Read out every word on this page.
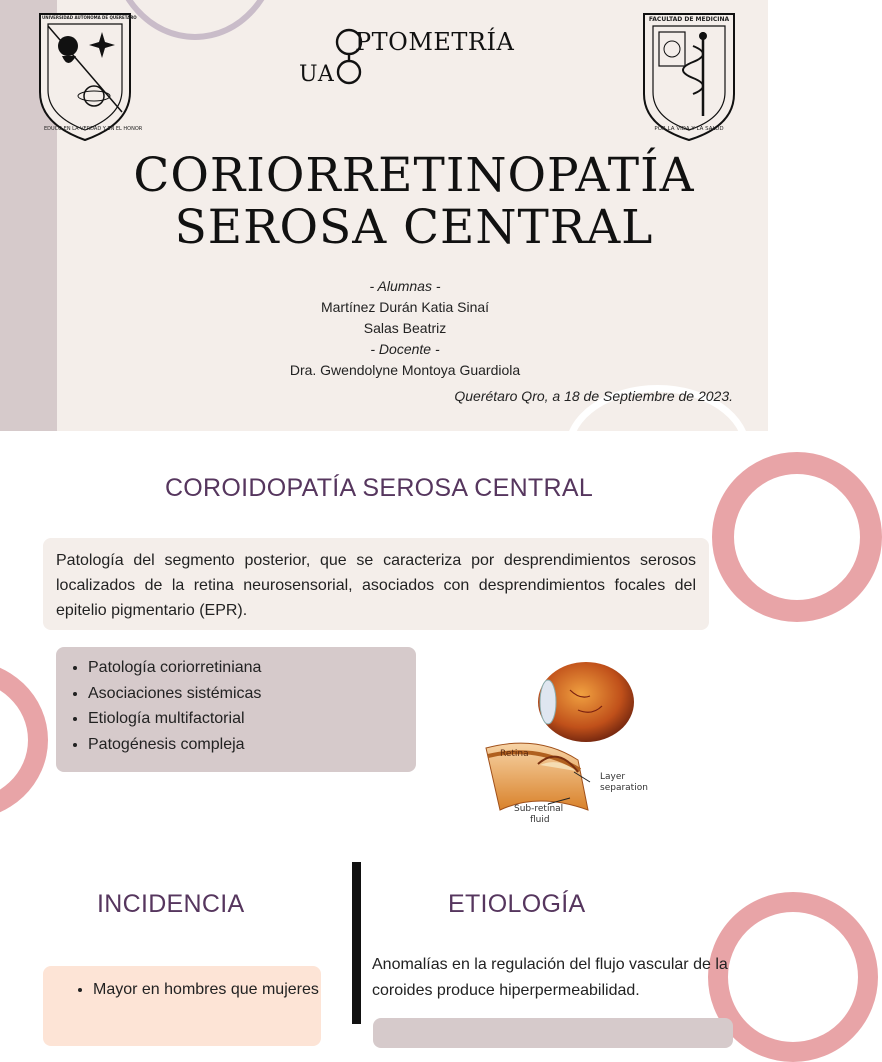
UNIVERSIDAD AUTONOMA DE QUERETARO
EDUCO EN LA VERDAD Y EN EL HONOR
UA
PTOMETRÍA
FACULTAD DE MEDICINA
POR LA VIDA Y LA SALUD
CORIORRETINOPATÍA
SEROSA CENTRAL
- Alumnas -
Martínez Durán Katia Sinaí
Salas Beatriz
- Docente -
Dra. Gwendolyne Montoya Guardiola
Querétaro Qro, a 18 de Septiembre de 2023.
COROIDOPATÍA SEROSA CENTRAL
Patología del segmento posterior, que se caracteriza por desprendimientos serosos localizados de la retina neurosensorial, asociados con desprendimientos focales del epitelio pigmentario (EPR).
• Patología coriorretiniana
• Asociaciones sistémicas
• Etiología multifactorial
• Patogénesis compleja
Retina
Layer
separation
Sub-retinal
fluid
INCIDENCIA	ETIOLOGÍA
• Mayor en hombres que mujeres
Anomalías en la regulación del flujo vascular de la coroides produce hiperpermeabilidad.
